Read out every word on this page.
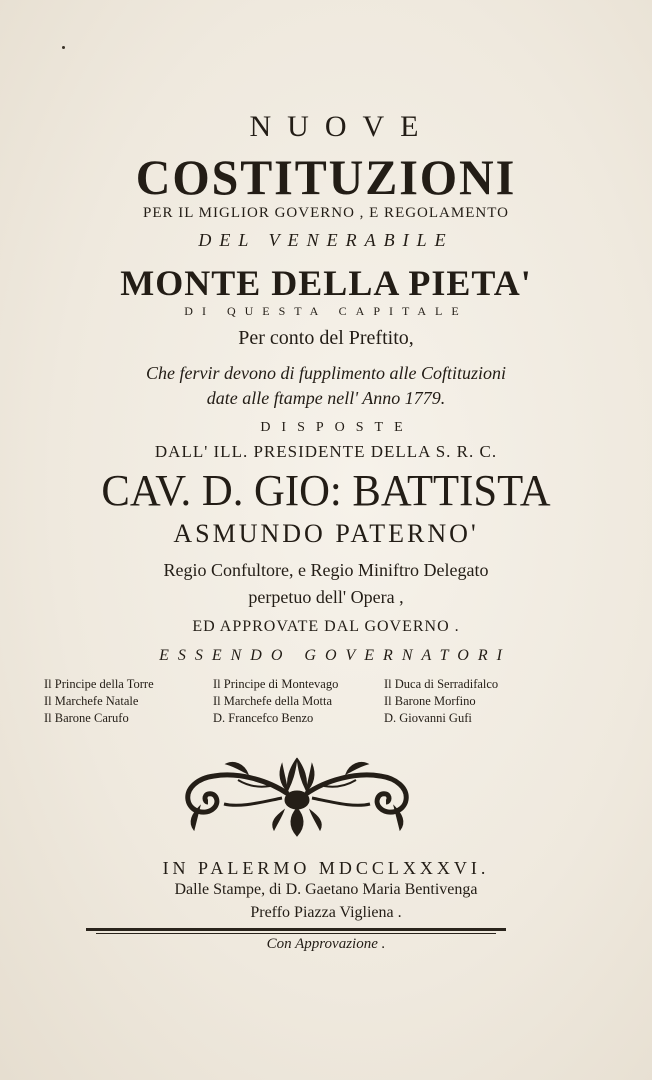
NUOVE
COSTITUZIONI
PER IL MIGLIOR GOVERNO , E REGOLAMENTO
DEL VENERABILE
MONTE DELLA PIETA'
DI QUESTA CAPITALE
Per conto del Preftito,
Che fervir devono di fupplimento alle Coftituzioni
date alle ftampe nell' Anno 1779.
DISPOSTE
DALL' ILL. PRESIDENTE DELLA S. R. C.
CAV. D. GIO: BATTISTA
ASMUNDO PATERNO'
Regio Confultore, e Regio Miniftro Delegato
perpetuo dell' Opera ,
ED APPROVATE DAL GOVERNO .
ESSENDO GOVERNATORI
Il Principe della Torre
Il Marchefe Natale
Il Barone Carufo
Il Principe di Montevago
Il Marchefe della Motta
D. Francefco Benzo
Il Duca di Serradifalco
Il Barone Morfino
D. Giovanni Gufi
IN PALERMO MDCCLXXXVI.
Dalle Stampe, di D. Gaetano Maria Bentivenga
Preffo Piazza Vigliena .
Con Approvazione .
